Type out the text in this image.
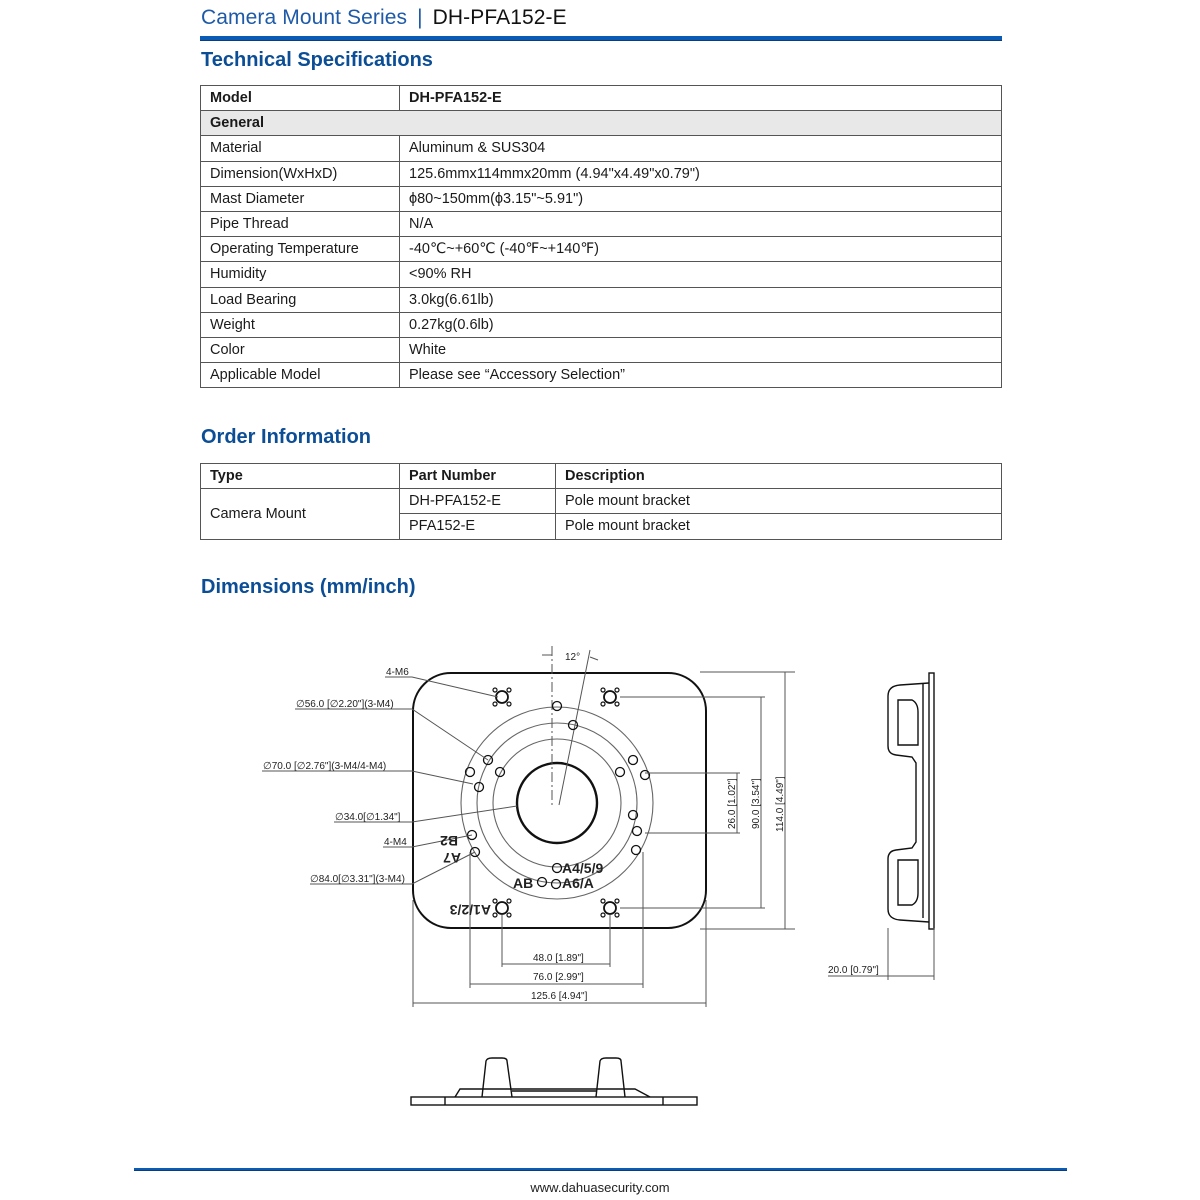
Camera Mount Series | DH-PFA152-E
Technical Specifications
Model	DH-PFA152-E
General	
Material	Aluminum & SUS304
Dimension(WxHxD)	125.6mmx114mmx20mm (4.94"x4.49"x0.79")
Mast Diameter	ϕ80~150mm(ϕ3.15"~5.91")
Pipe Thread	N/A
Operating Temperature	-40℃~+60℃ (-40℉~+140℉)
Humidity	<90% RH
Load Bearing	3.0kg(6.61lb)
Weight	0.27kg(0.6lb)
Color	White
Applicable Model	Please see “Accessory Selection”
Order Information
Type	Part Number	Description
Camera Mount	DH-PFA152-E	Pole mount bracket
	PFA152-E	Pole mount bracket
Dimensions (mm/inch)
4-M6
∅56.0 [∅2.20"](3-M4)
∅70.0 [∅2.76"](3-M4/4-M4)
∅34.0[∅1.34"]
4-M4
∅84.0[∅3.31"](3-M4)
12°
B2
A7
A1/2/3
A4/5/9
A6/A
AB
26.0 [1.02"] 90.0 [3.54"] 114.0 [4.49"]
48.0 [1.89"]
76.0 [2.99"]
125.6 [4.94"]
20.0 [0.79"]
www.dahuasecurity.com
